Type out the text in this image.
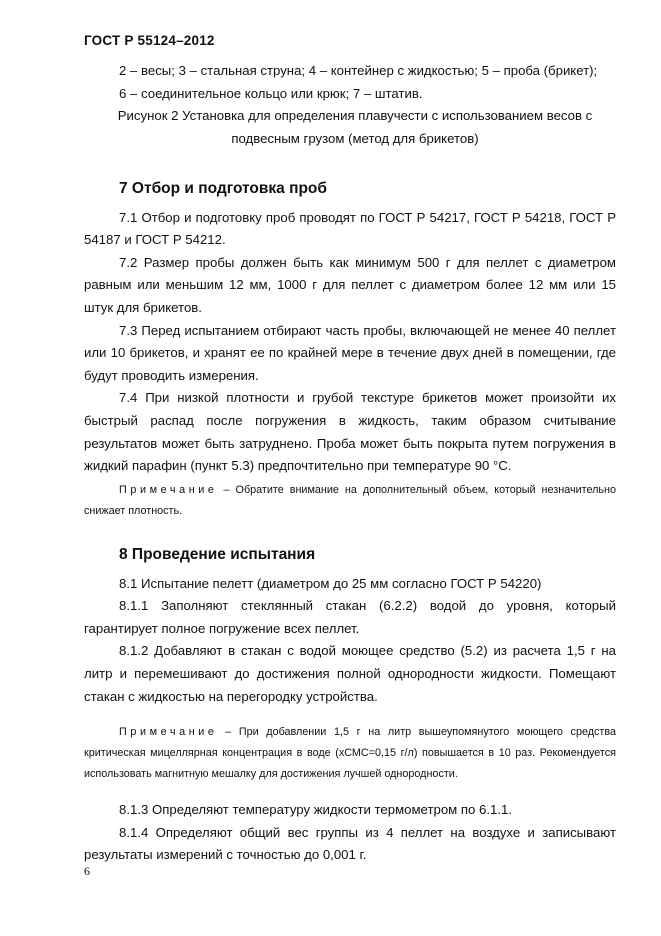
ГОСТ Р 55124–2012

2 – весы; 3 – стальная струна; 4 – контейнер с жидкостью; 5 – проба (брикет);

6 – соединительное кольцо или крюк; 7 – штатив.

Рисунок 2 Установка для определения плавучести с использованием весов с подвесным грузом (метод для брикетов)

7 Отбор и подготовка проб

7.1 Отбор и подготовку проб проводят по ГОСТ Р 54217, ГОСТ Р 54218, ГОСТ Р 54187 и ГОСТ Р 54212.

7.2 Размер пробы должен быть как минимум 500 г для пеллет с диаметром равным или меньшим 12 мм, 1000 г для пеллет с диаметром более 12 мм или 15 штук для брикетов.

7.3 Перед испытанием отбирают часть пробы, включающей не менее 40 пеллет или 10 брикетов, и хранят ее по крайней мере в течение двух дней в помещении, где будут проводить измерения.

7.4 При низкой плотности и грубой текстуре брикетов может произойти их быстрый распад после погружения в жидкость, таким образом считывание результатов может быть затруднено. Проба может быть покрыта путем погружения в жидкий парафин (пункт 5.3) предпочтительно при температуре 90 °С.

Примечание – Обратите внимание на дополнительный объем, который незначительно снижает плотность.

8 Проведение испытания

8.1 Испытание пелетт (диаметром до 25 мм согласно ГОСТ Р 54220)

8.1.1 Заполняют стеклянный стакан (6.2.2) водой до уровня, который гарантирует полное погружение всех пеллет.

8.1.2 Добавляют в стакан с водой моющее средство (5.2) из расчета 1,5 г на литр и перемешивают до достижения полной однородности жидкости. Помещают стакан с жидкостью на перегородку устройства.

Примечание – При добавлении 1,5 г на литр вышеупомянутого моющего средства критическая мицеллярная концентрация в воде (хСМС=0,15 г/л) повышается в 10 раз. Рекомендуется использовать магнитную мешалку для достижения лучшей однородности.

8.1.3 Определяют температуру жидкости термометром по 6.1.1.

8.1.4 Определяют общий вес группы из 4 пеллет на воздухе и записывают результаты измерений с точностью до 0,001 г.

6
